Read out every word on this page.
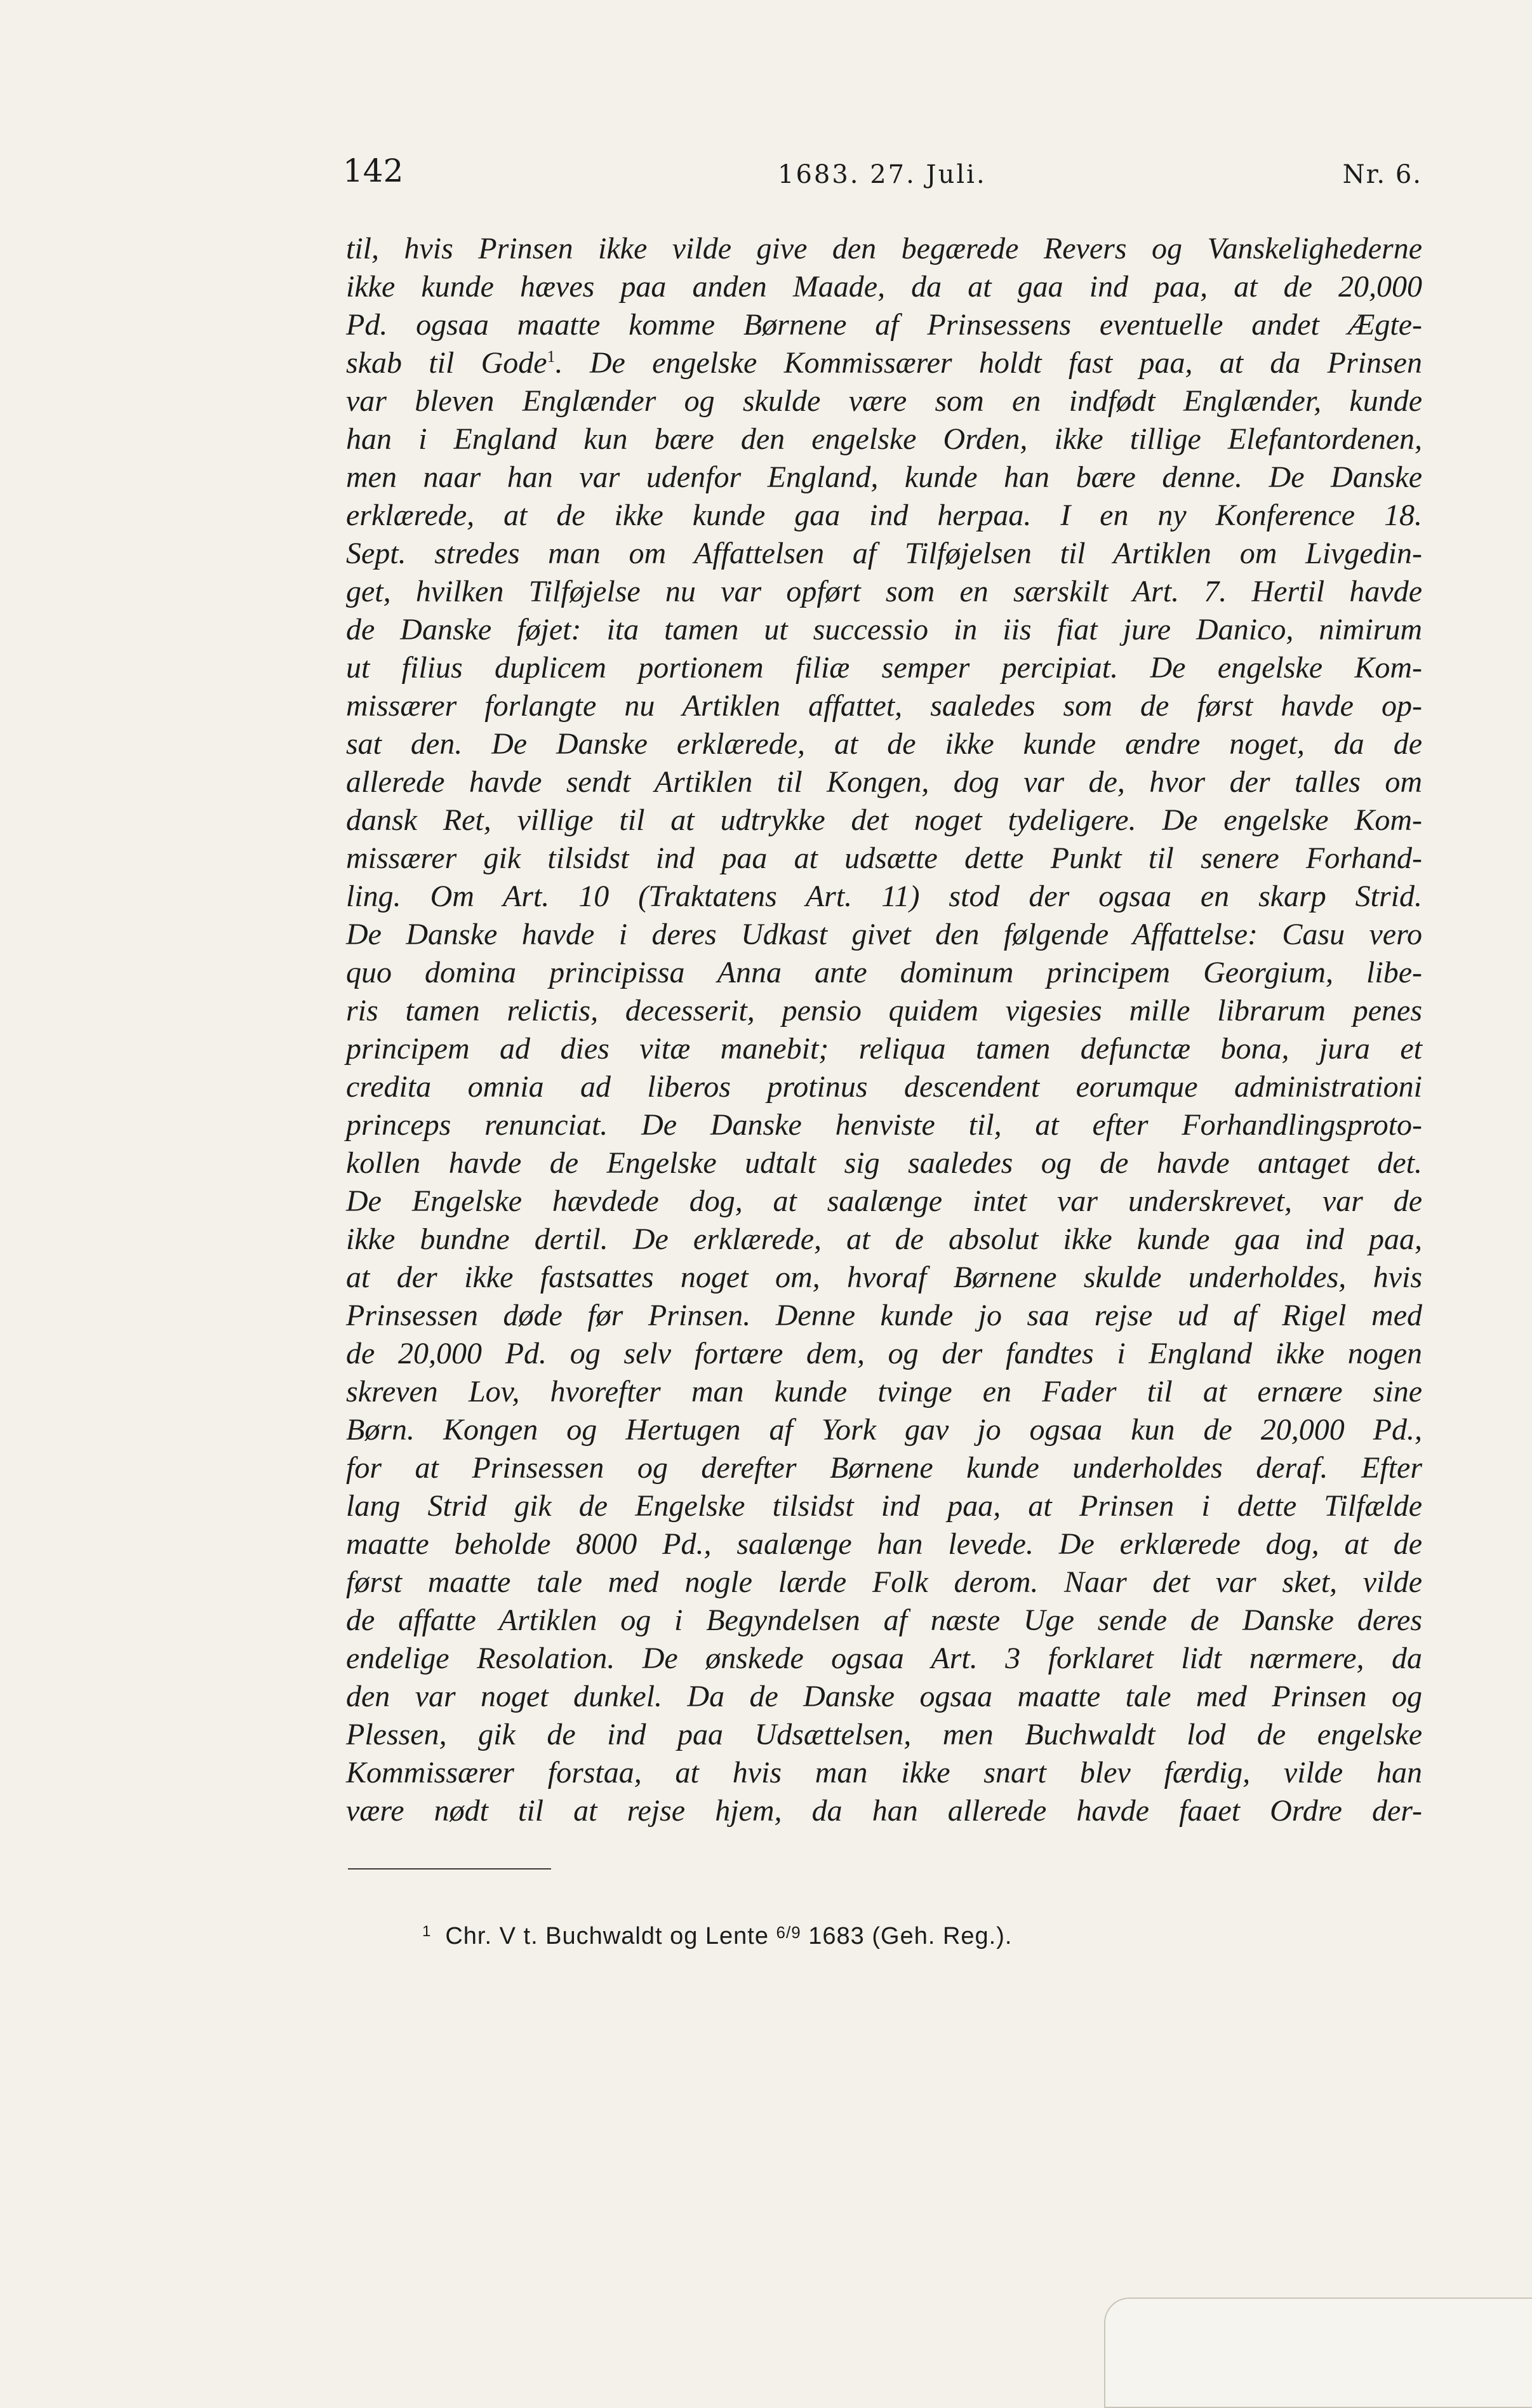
142	1683. 27. Juli.	Nr. 6.
til, hvis Prinsen ikke vilde give den begærede Revers og Vanskelighederne
ikke kunde hæves paa anden Maade, da at gaa ind paa, at de 20,000
Pd. ogsaa maatte komme Børnene af Prinsessens eventuelle andet Ægte-
skab til Gode$^1$. De engelske Kommissærer holdt fast paa, at da Prinsen
var bleven Englænder og skulde være som en indfødt Englænder, kunde
han i England kun bære den engelske Orden, ikke tillige Elefantordenen,
men naar han var udenfor England, kunde han bære denne. De Danske
erklærede, at de ikke kunde gaa ind herpaa. I en ny Konference 18.
Sept. stredes man om Affattelsen af Tilføjelsen til Artiklen om Livgedin-
get, hvilken Tilføjelse nu var opført som en særskilt Art. 7. Hertil havde
de Danske føjet: ita tamen ut successio in iis fiat jure Danico, nimirum
ut filius duplicem portionem filiæ semper percipiat. De engelske Kom-
missærer forlangte nu Artiklen affattet, saaledes som de først havde op-
sat den. De Danske erklærede, at de ikke kunde ændre noget, da de
allerede havde sendt Artiklen til Kongen, dog var de, hvor der talles om
dansk Ret, villige til at udtrykke det noget tydeligere. De engelske Kom-
missærer gik tilsidst ind paa at udsætte dette Punkt til senere Forhand-
ling. Om Art. 10 (Traktatens Art. 11) stod der ogsaa en skarp Strid.
De Danske havde i deres Udkast givet den følgende Affattelse: Casu vero
quo domina principissa Anna ante dominum principem Georgium, libe-
ris tamen relictis, decesserit, pensio quidem vigesies mille librarum penes
principem ad dies vitæ manebit; reliqua tamen defunctæ bona, jura et
credita omnia ad liberos protinus descendent eorumque administrationi
princeps renunciat. De Danske henviste til, at efter Forhandlingsproto-
kollen havde de Engelske udtalt sig saaledes og de havde antaget det.
De Engelske hævdede dog, at saalænge intet var underskrevet, var de
ikke bundne dertil. De erklærede, at de absolut ikke kunde gaa ind paa,
at der ikke fastsattes noget om, hvoraf Børnene skulde underholdes, hvis
Prinsessen døde før Prinsen. Denne kunde jo saa rejse ud af Rigel med
de 20,000 Pd. og selv fortære dem, og der fandtes i England ikke nogen
skreven Lov, hvorefter man kunde tvinge en Fader til at ernære sine
Børn. Kongen og Hertugen af York gav jo ogsaa kun de 20,000 Pd.,
for at Prinsessen og derefter Børnene kunde underholdes deraf. Efter
lang Strid gik de Engelske tilsidst ind paa, at Prinsen i dette Tilfælde
maatte beholde 8000 Pd., saalænge han levede. De erklærede dog, at de
først maatte tale med nogle lærde Folk derom. Naar det var sket, vilde
de affatte Artiklen og i Begyndelsen af næste Uge sende de Danske deres
endelige Resolation. De ønskede ogsaa Art. 3 forklaret lidt nærmere, da
den var noget dunkel. Da de Danske ogsaa maatte tale med Prinsen og
Plessen, gik de ind paa Udsættelsen, men Buchwaldt lod de engelske
Kommissærer forstaa, at hvis man ikke snart blev færdig, vilde han
være nødt til at rejse hjem, da han allerede havde faaet Ordre der-
$^1$ Chr. V t. Buchwaldt og Lente $^{6/9}$ 1683 (Geh. Reg.).
